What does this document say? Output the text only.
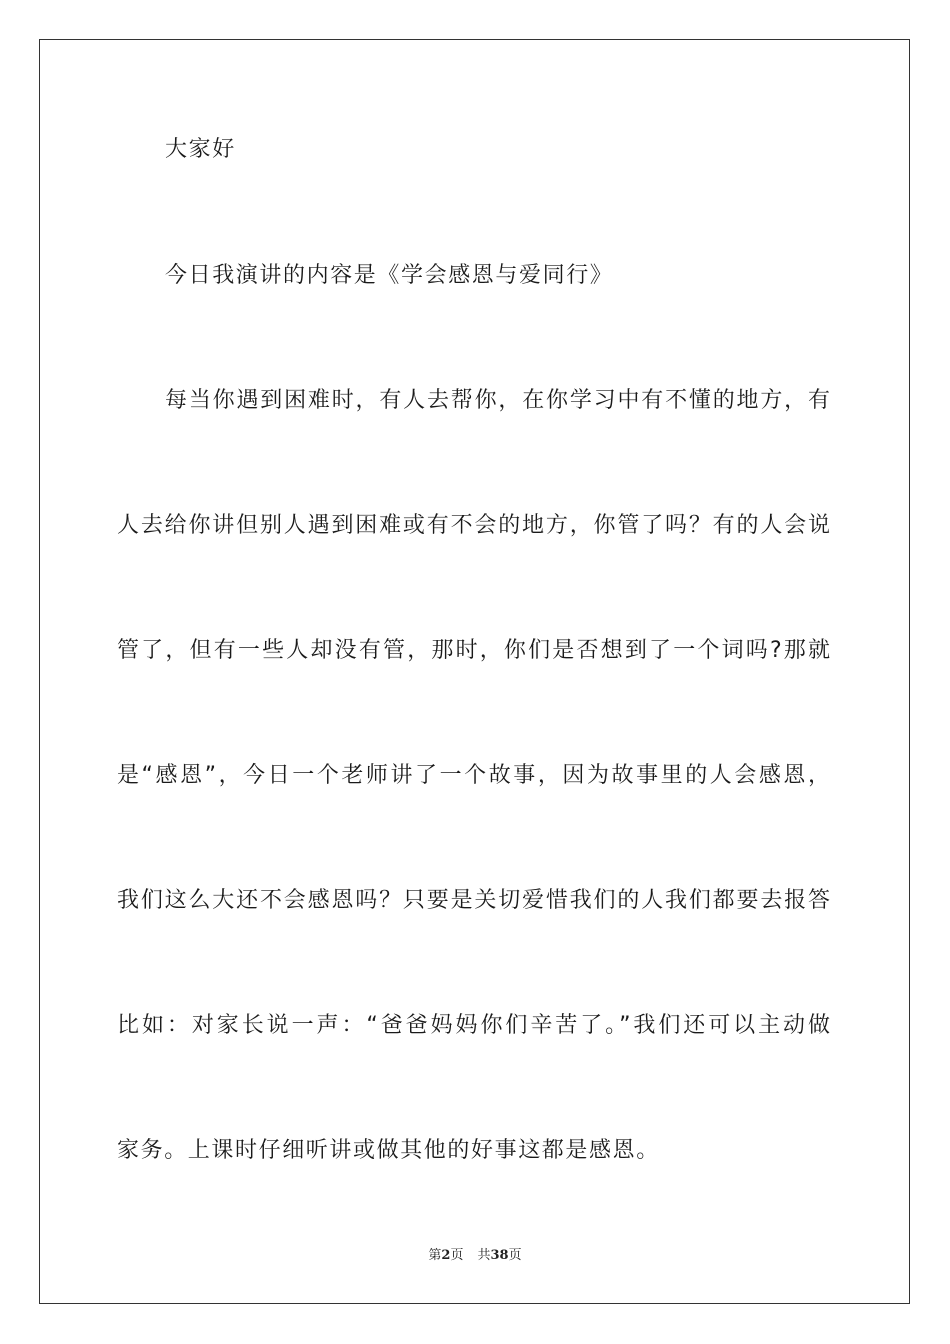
大家好
今日我演讲的内容是《学会感恩与爱同行》
每当你遇到困难时，有人去帮你，在你学习中有不懂的地方，有
人去给你讲但别人遇到困难或有不会的地方，你管了吗？有的人会说
管了，但有一些人却没有管，那时，你们是否想到了一个词吗?那就
是“感恩”，今日一个老师讲了一个故事，因为故事里的人会感恩，
我们这么大还不会感恩吗？只要是关切爱惜我们的人我们都要去报答
比如：对家长说一声：“爸爸妈妈你们辛苦了。”我们还可以主动做
家务。上课时仔细听讲或做其他的好事这都是感恩。
第2页 共38页
